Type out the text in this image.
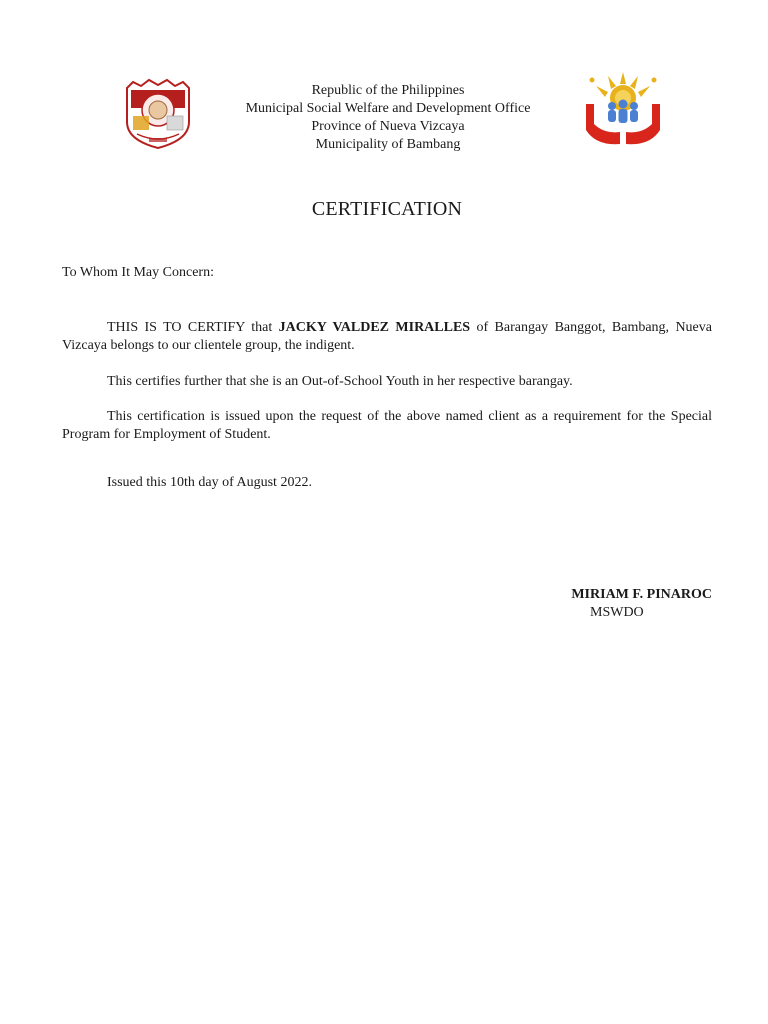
Republic of the Philippines
Municipal Social Welfare and Development Office
Province of Nueva Vizcaya
Municipality of Bambang
CERTIFICATION
To Whom It May Concern:
THIS IS TO CERTIFY that JACKY VALDEZ MIRALLES of Barangay Banggot, Bambang, Nueva Vizcaya belongs to our clientele group, the indigent.
This certifies further that she is an Out-of-School Youth in her respective barangay.
This certification is issued upon the request of the above named client as a requirement for the Special Program for Employment of Student.
Issued this 10th day of August 2022.
MIRIAM F. PINAROC
MSWDO
